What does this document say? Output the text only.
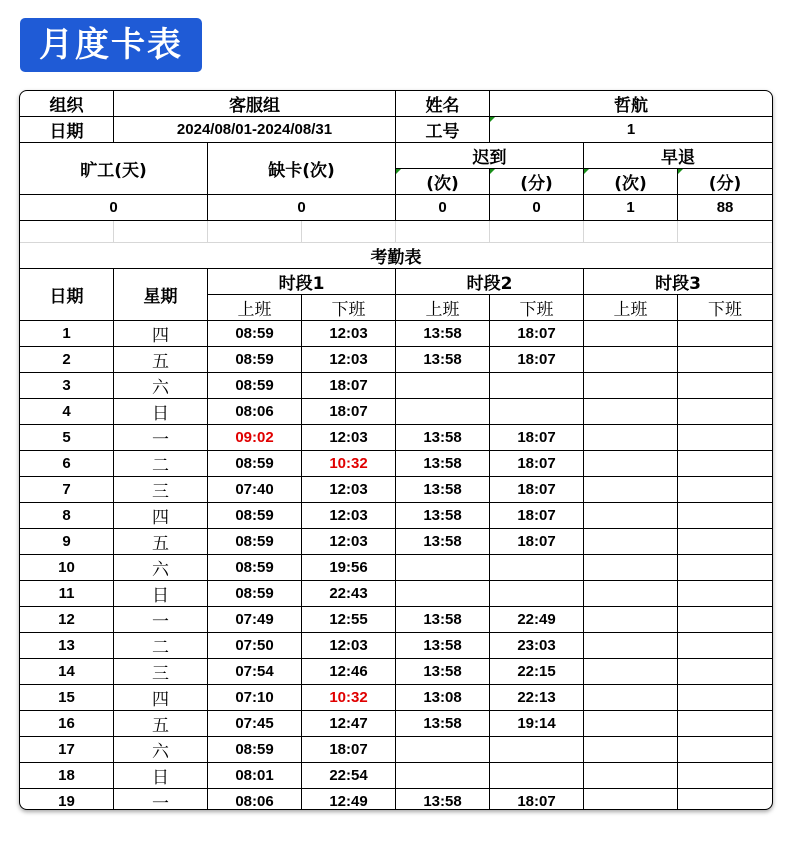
月度卡表
组织	客服组			姓名	哲航		
日期	2024/08/01-2024/08/31			工号	1		
旷工(天)		缺卡(次)		迟到		早退	
				(次)	(分)	(次)	(分)
0		0		0	0	1	88

考勤表							
日期	星期	时段1		时段2		时段3	
		上班	下班	上班	下班	上班	下班
1	四	08:59	12:03	13:58	18:07		
2	五	08:59	12:03	13:58	18:07		
3	六	08:59	18:07				
4	日	08:06	18:07				
5	一	09:02	12:03	13:58	18:07		
6	二	08:59	10:32	13:58	18:07		
7	三	07:40	12:03	13:58	18:07		
8	四	08:59	12:03	13:58	18:07		
9	五	08:59	12:03	13:58	18:07		
10	六	08:59	19:56				
11	日	08:59	22:43				
12	一	07:49	12:55	13:58	22:49		
13	二	07:50	12:03	13:58	23:03		
14	三	07:54	12:46	13:58	22:15		
15	四	07:10	10:32	13:08	22:13		
16	五	07:45	12:47	13:58	19:14		
17	六	08:59	18:07				
18	日	08:01	22:54				
19	一	08:06	12:49	13:58	18:07		
